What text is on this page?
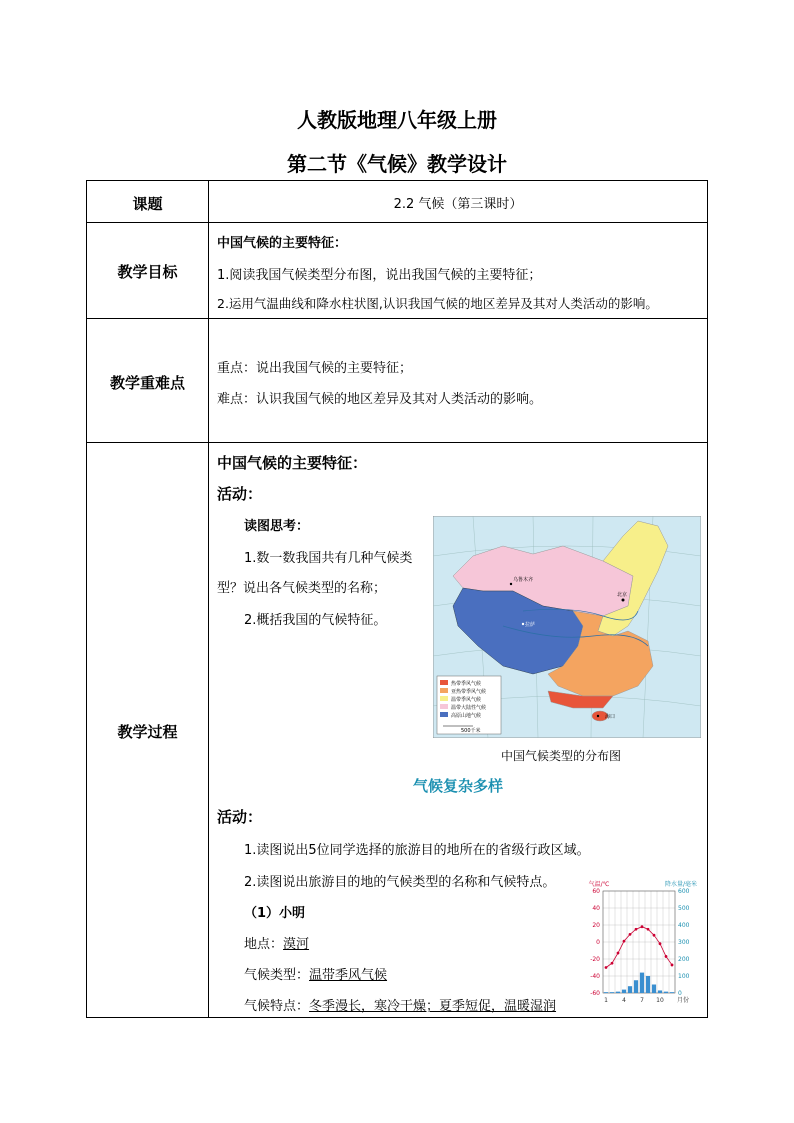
人教版地理八年级上册
第二节《气候》教学设计
课题	2.2 气候（第三课时）
教学目标
中国气候的主要特征：
1.阅读我国气候类型分布图，说出我国气候的主要特征；
2.运用气温曲线和降水柱状图,认识我国气候的地区差异及其对人类活动的影响。
教学重难点
重点：说出我国气候的主要特征；
难点：认识我国气候的地区差异及其对人类活动的影响。
教学过程
中国气候的主要特征：
活动：
读图思考：
1.数一数我国共有几种气候类
型？说出各气候类型的名称；
2.概括我国的气候特征。
热带季风气候
亚热带季风气候
温带季风气候
温带大陆性气候
高原山地气候
500千米
北京
海口
乌鲁木齐
拉萨
中国气候类型的分布图
气候复杂多样
活动：
1.读图说出5位同学选择的旅游目的地所在的省级行政区域。
2.读图说出旅游目的地的气候类型的名称和气候特点。
（1）小明
地点：漠河
气候类型：温带季风气候
气候特点：冬季漫长，寒冷干燥；夏季短促，温暖湿润
气温/℃	降水量/毫米
60
40
20
0
-20
-40
-60
600
500
400
300
200
100
0
1 4 7 10 月份
